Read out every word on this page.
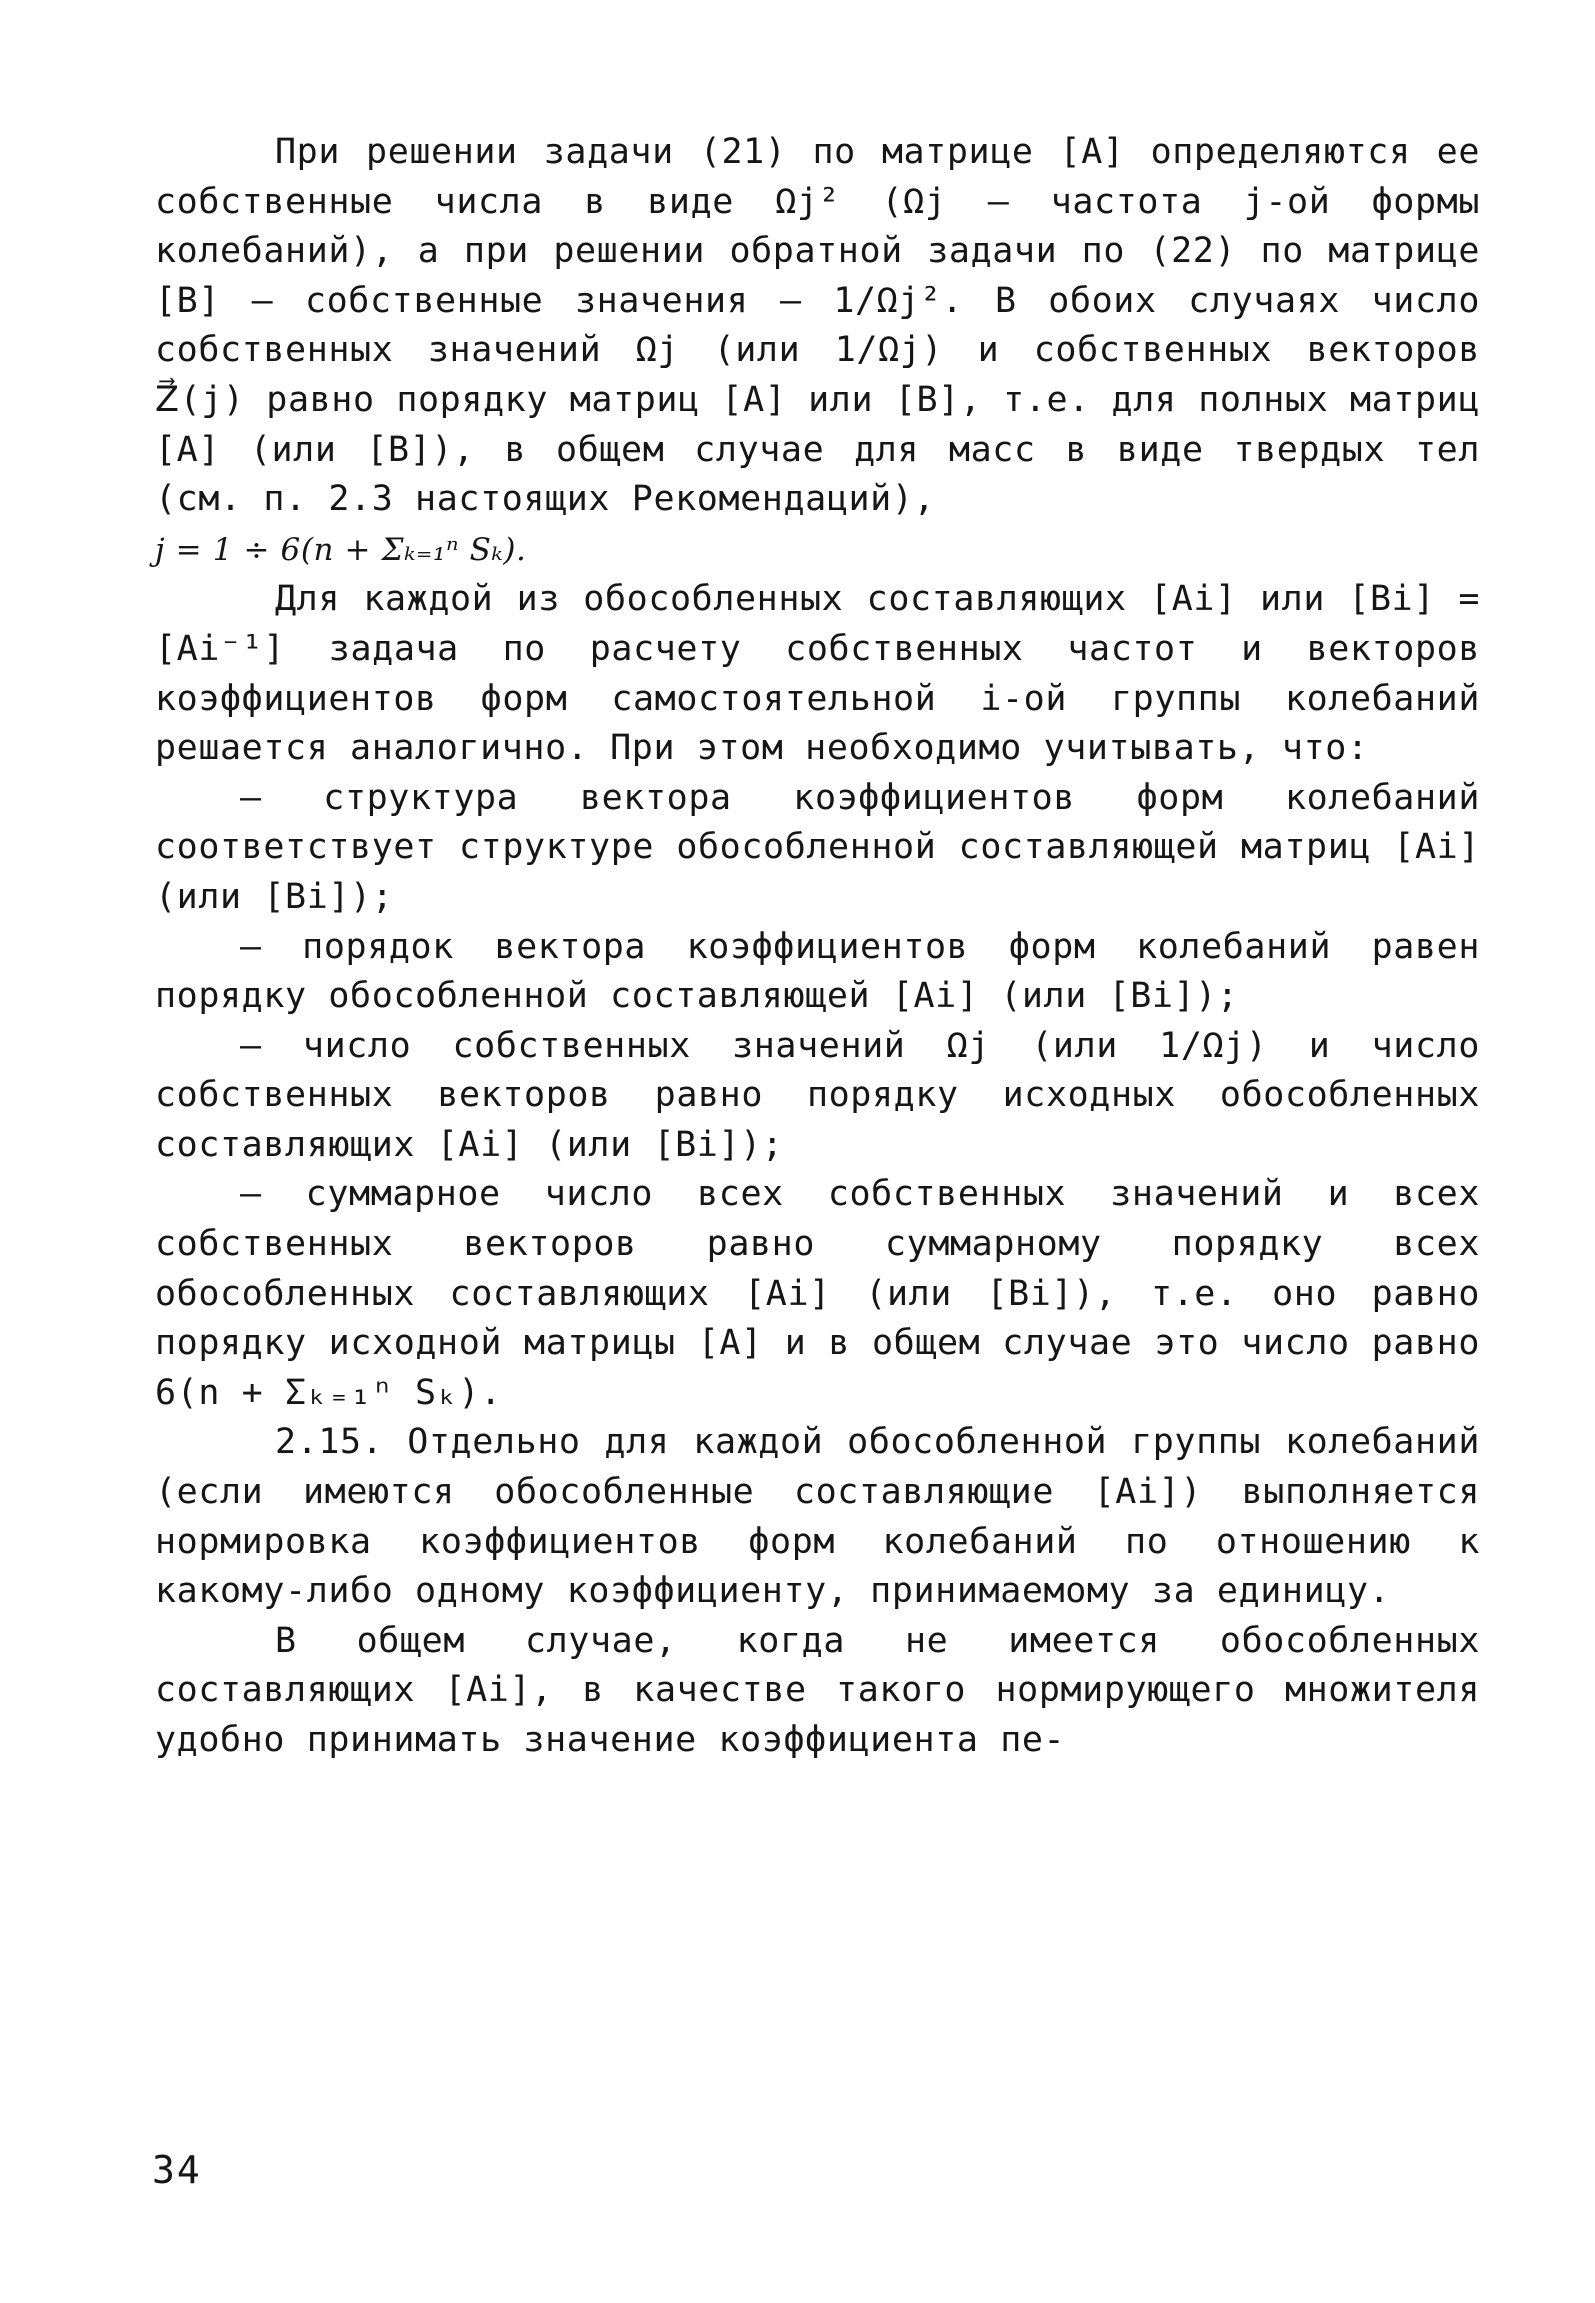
При решении задачи (21) по матрице [A] определяются ее собственные числа в виде Ωj² (Ωj – частота j-ой формы колебаний), а при решении обратной задачи по (22) по матрице [B] – собственные значения – 1/Ωj². В обоих случаях число собственных значений Ωj (или 1/Ωj) и собственных векторов Z⃗(j) равно порядку матриц [A] или [B], т.е. для полных матриц [A] (или [B]), в общем случае для масс в виде твердых тел (см. п. 2.3 настоящих Рекомендаций),

j = 1 ÷ 6(n + Σₖ₌₁ⁿ Sₖ).

Для каждой из обособленных составляющих [Ai] или [Bi] = [Ai⁻¹] задача по расчету собственных частот и векторов коэффициентов форм самостоятельной i-ой группы колебаний решается аналогично. При этом необходимо учитывать, что:

– структура вектора коэффициентов форм колебаний соответствует структуре обособленной составляющей матриц [Ai] (или [Bi]);

– порядок вектора коэффициентов форм колебаний равен порядку обособленной составляющей [Ai] (или [Bi]);

– число собственных значений Ωj (или 1/Ωj) и число собственных векторов равно порядку исходных обособленных составляющих [Ai] (или [Bi]);

– суммарное число всех собственных значений и всех собственных векторов равно суммарному порядку всех обособленных составляющих [Ai] (или [Bi]), т.е. оно равно порядку исходной матрицы [A] и в общем случае это число равно 6(n + Σₖ₌₁ⁿ Sₖ).

2.15. Отдельно для каждой обособленной группы колебаний (если имеются обособленные составляющие [Ai]) выполняется нормировка коэффициентов форм колебаний по отношению к какому-либо одному коэффициенту, принимаемому за единицу.

В общем случае, когда не имеется обособленных составляющих [Ai], в качестве такого нормирующего множителя удобно принимать значение коэффициента пе-

34
